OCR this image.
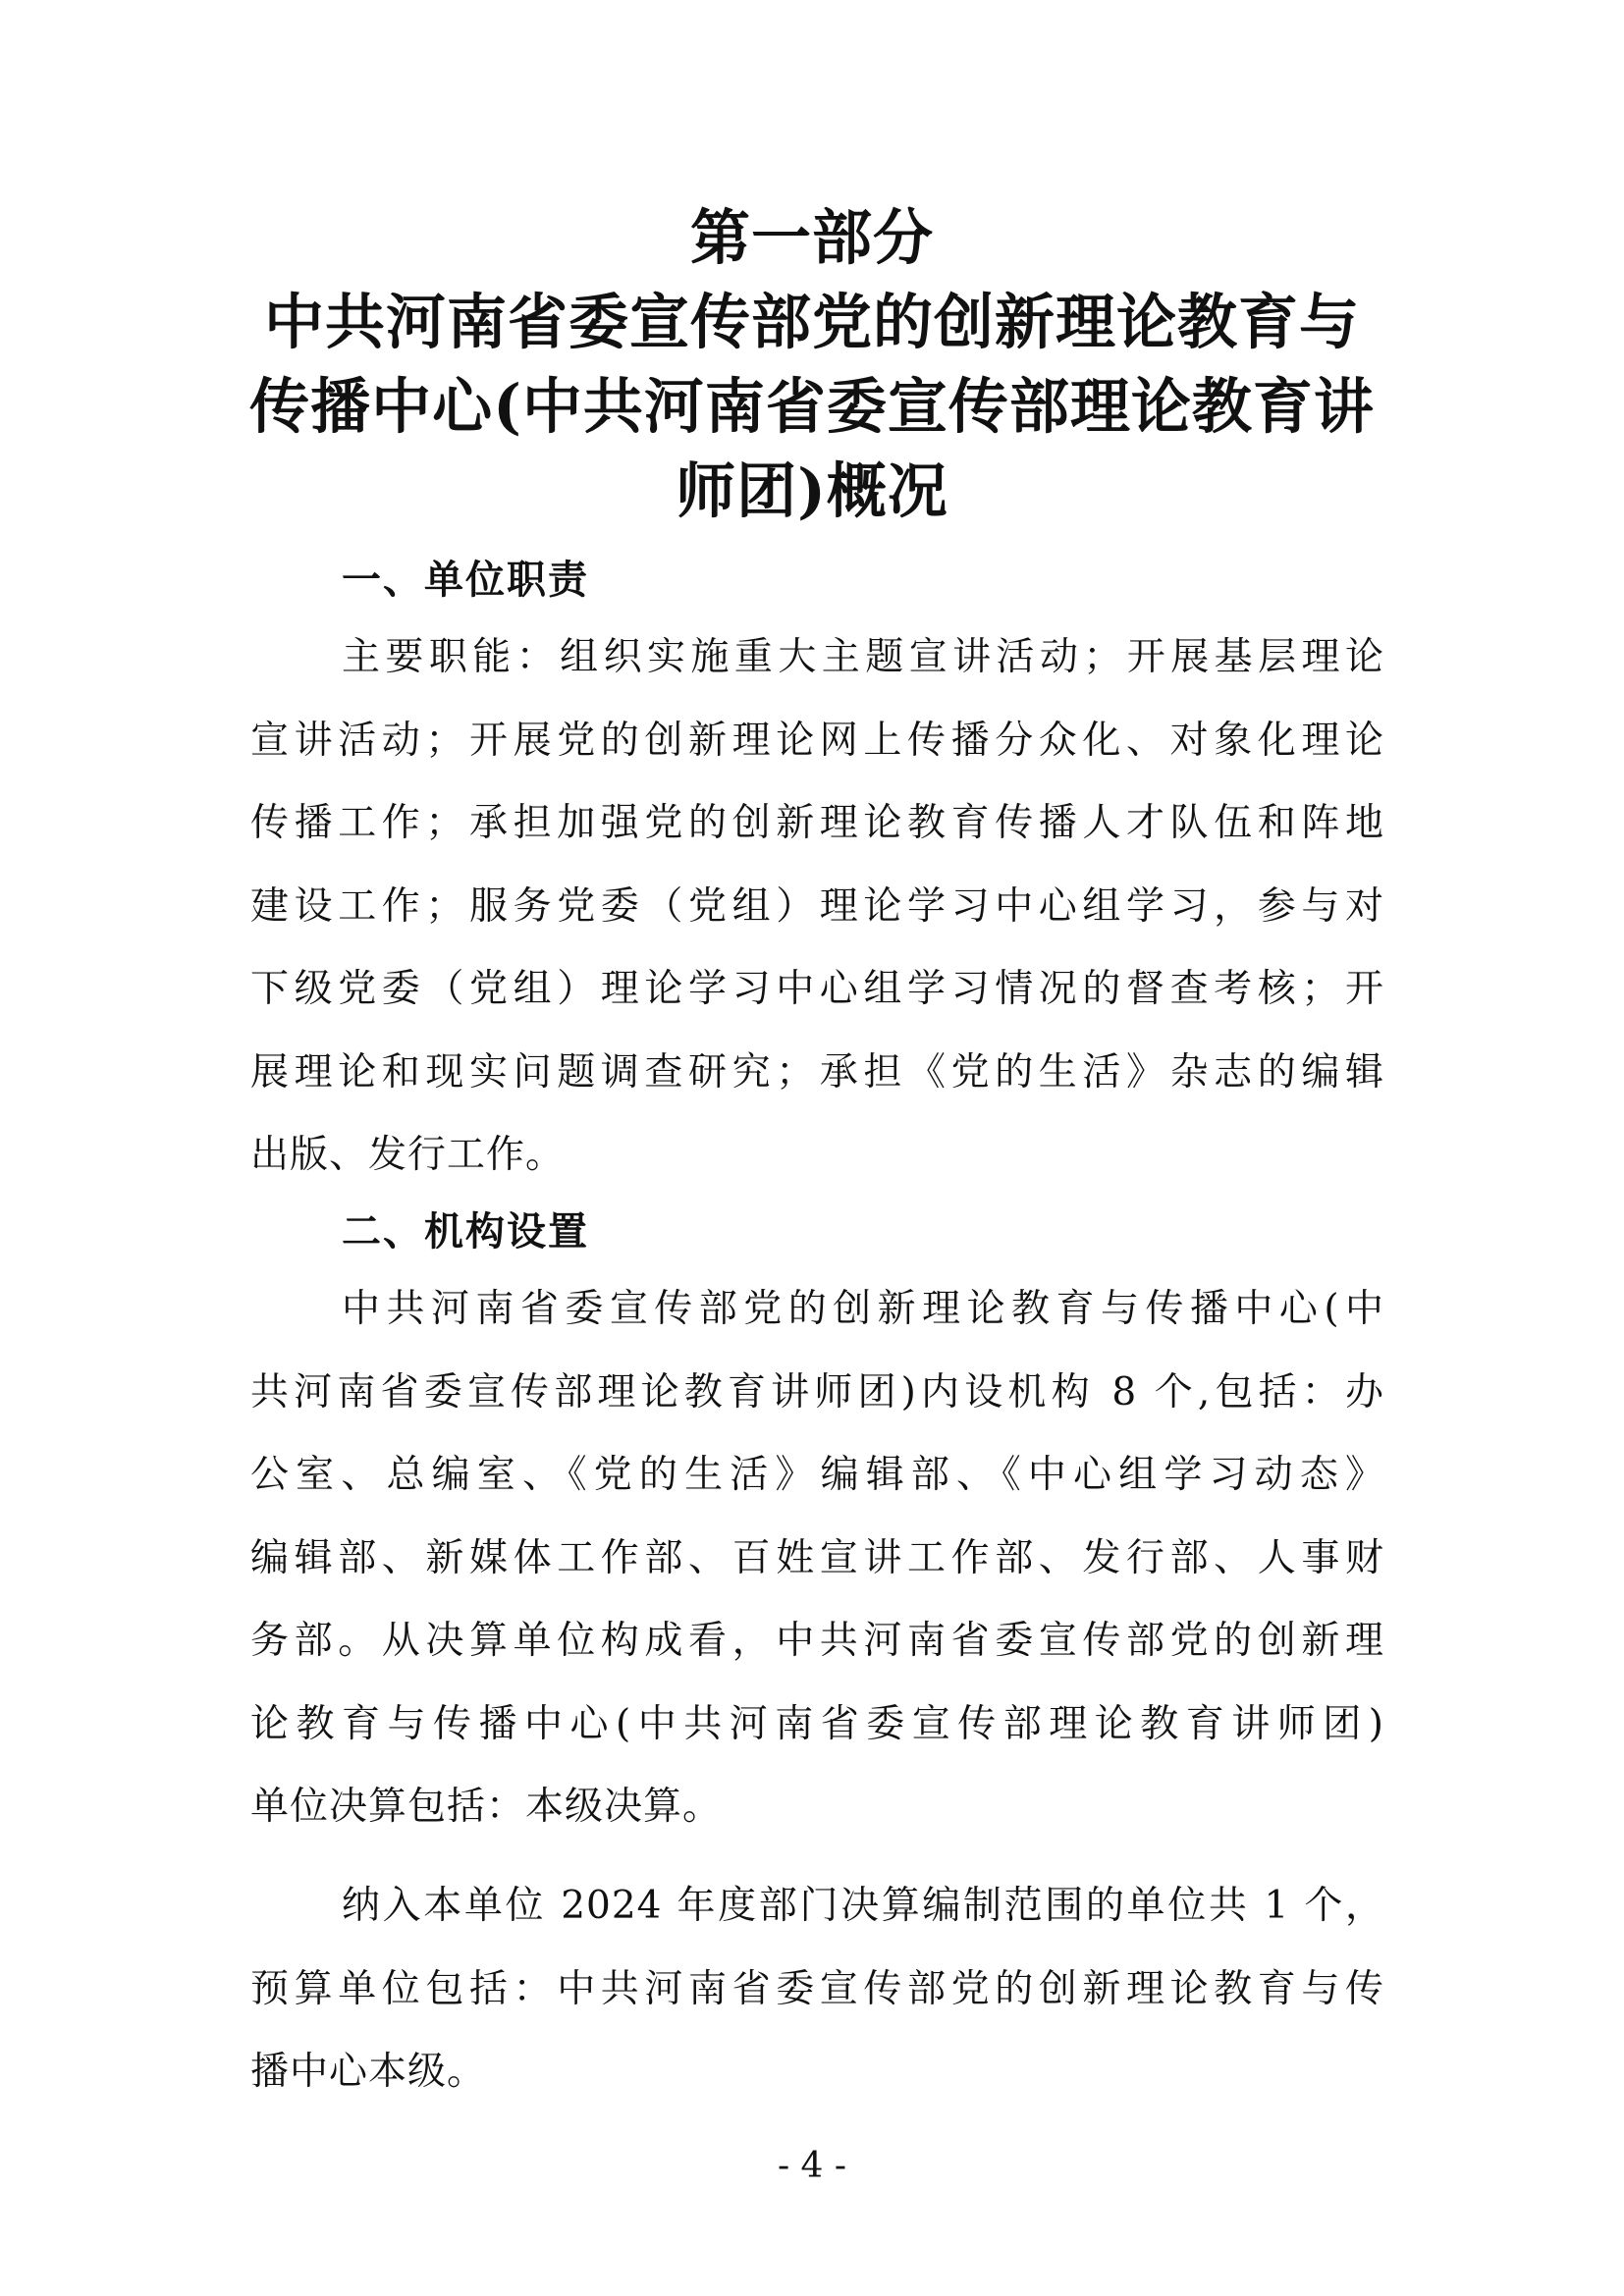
第一部分
中共河南省委宣传部党的创新理论教育与
传播中心(中共河南省委宣传部理论教育讲
师团)概况
一、单位职责
主要职能：组织实施重大主题宣讲活动；开展基层理论
宣讲活动；开展党的创新理论网上传播分众化、对象化理论
传播工作；承担加强党的创新理论教育传播人才队伍和阵地
建设工作；服务党委（党组）理论学习中心组学习，参与对
下级党委（党组）理论学习中心组学习情况的督查考核；开
展理论和现实问题调查研究；承担《党的生活》杂志的编辑
出版、发行工作。
二、机构设置
中共河南省委宣传部党的创新理论教育与传播中心(中
共河南省委宣传部理论教育讲师团)内设机构 8 个,包括：办
公室、总编室、《党的生活》编辑部、《中心组学习动态》
编辑部、新媒体工作部、百姓宣讲工作部、发行部、人事财
务部。从决算单位构成看，中共河南省委宣传部党的创新理
论教育与传播中心(中共河南省委宣传部理论教育讲师团)
单位决算包括：本级决算。
纳入本单位 2024 年度部门决算编制范围的单位共 1 个，
预算单位包括：中共河南省委宣传部党的创新理论教育与传
播中心本级。
- 4 -
